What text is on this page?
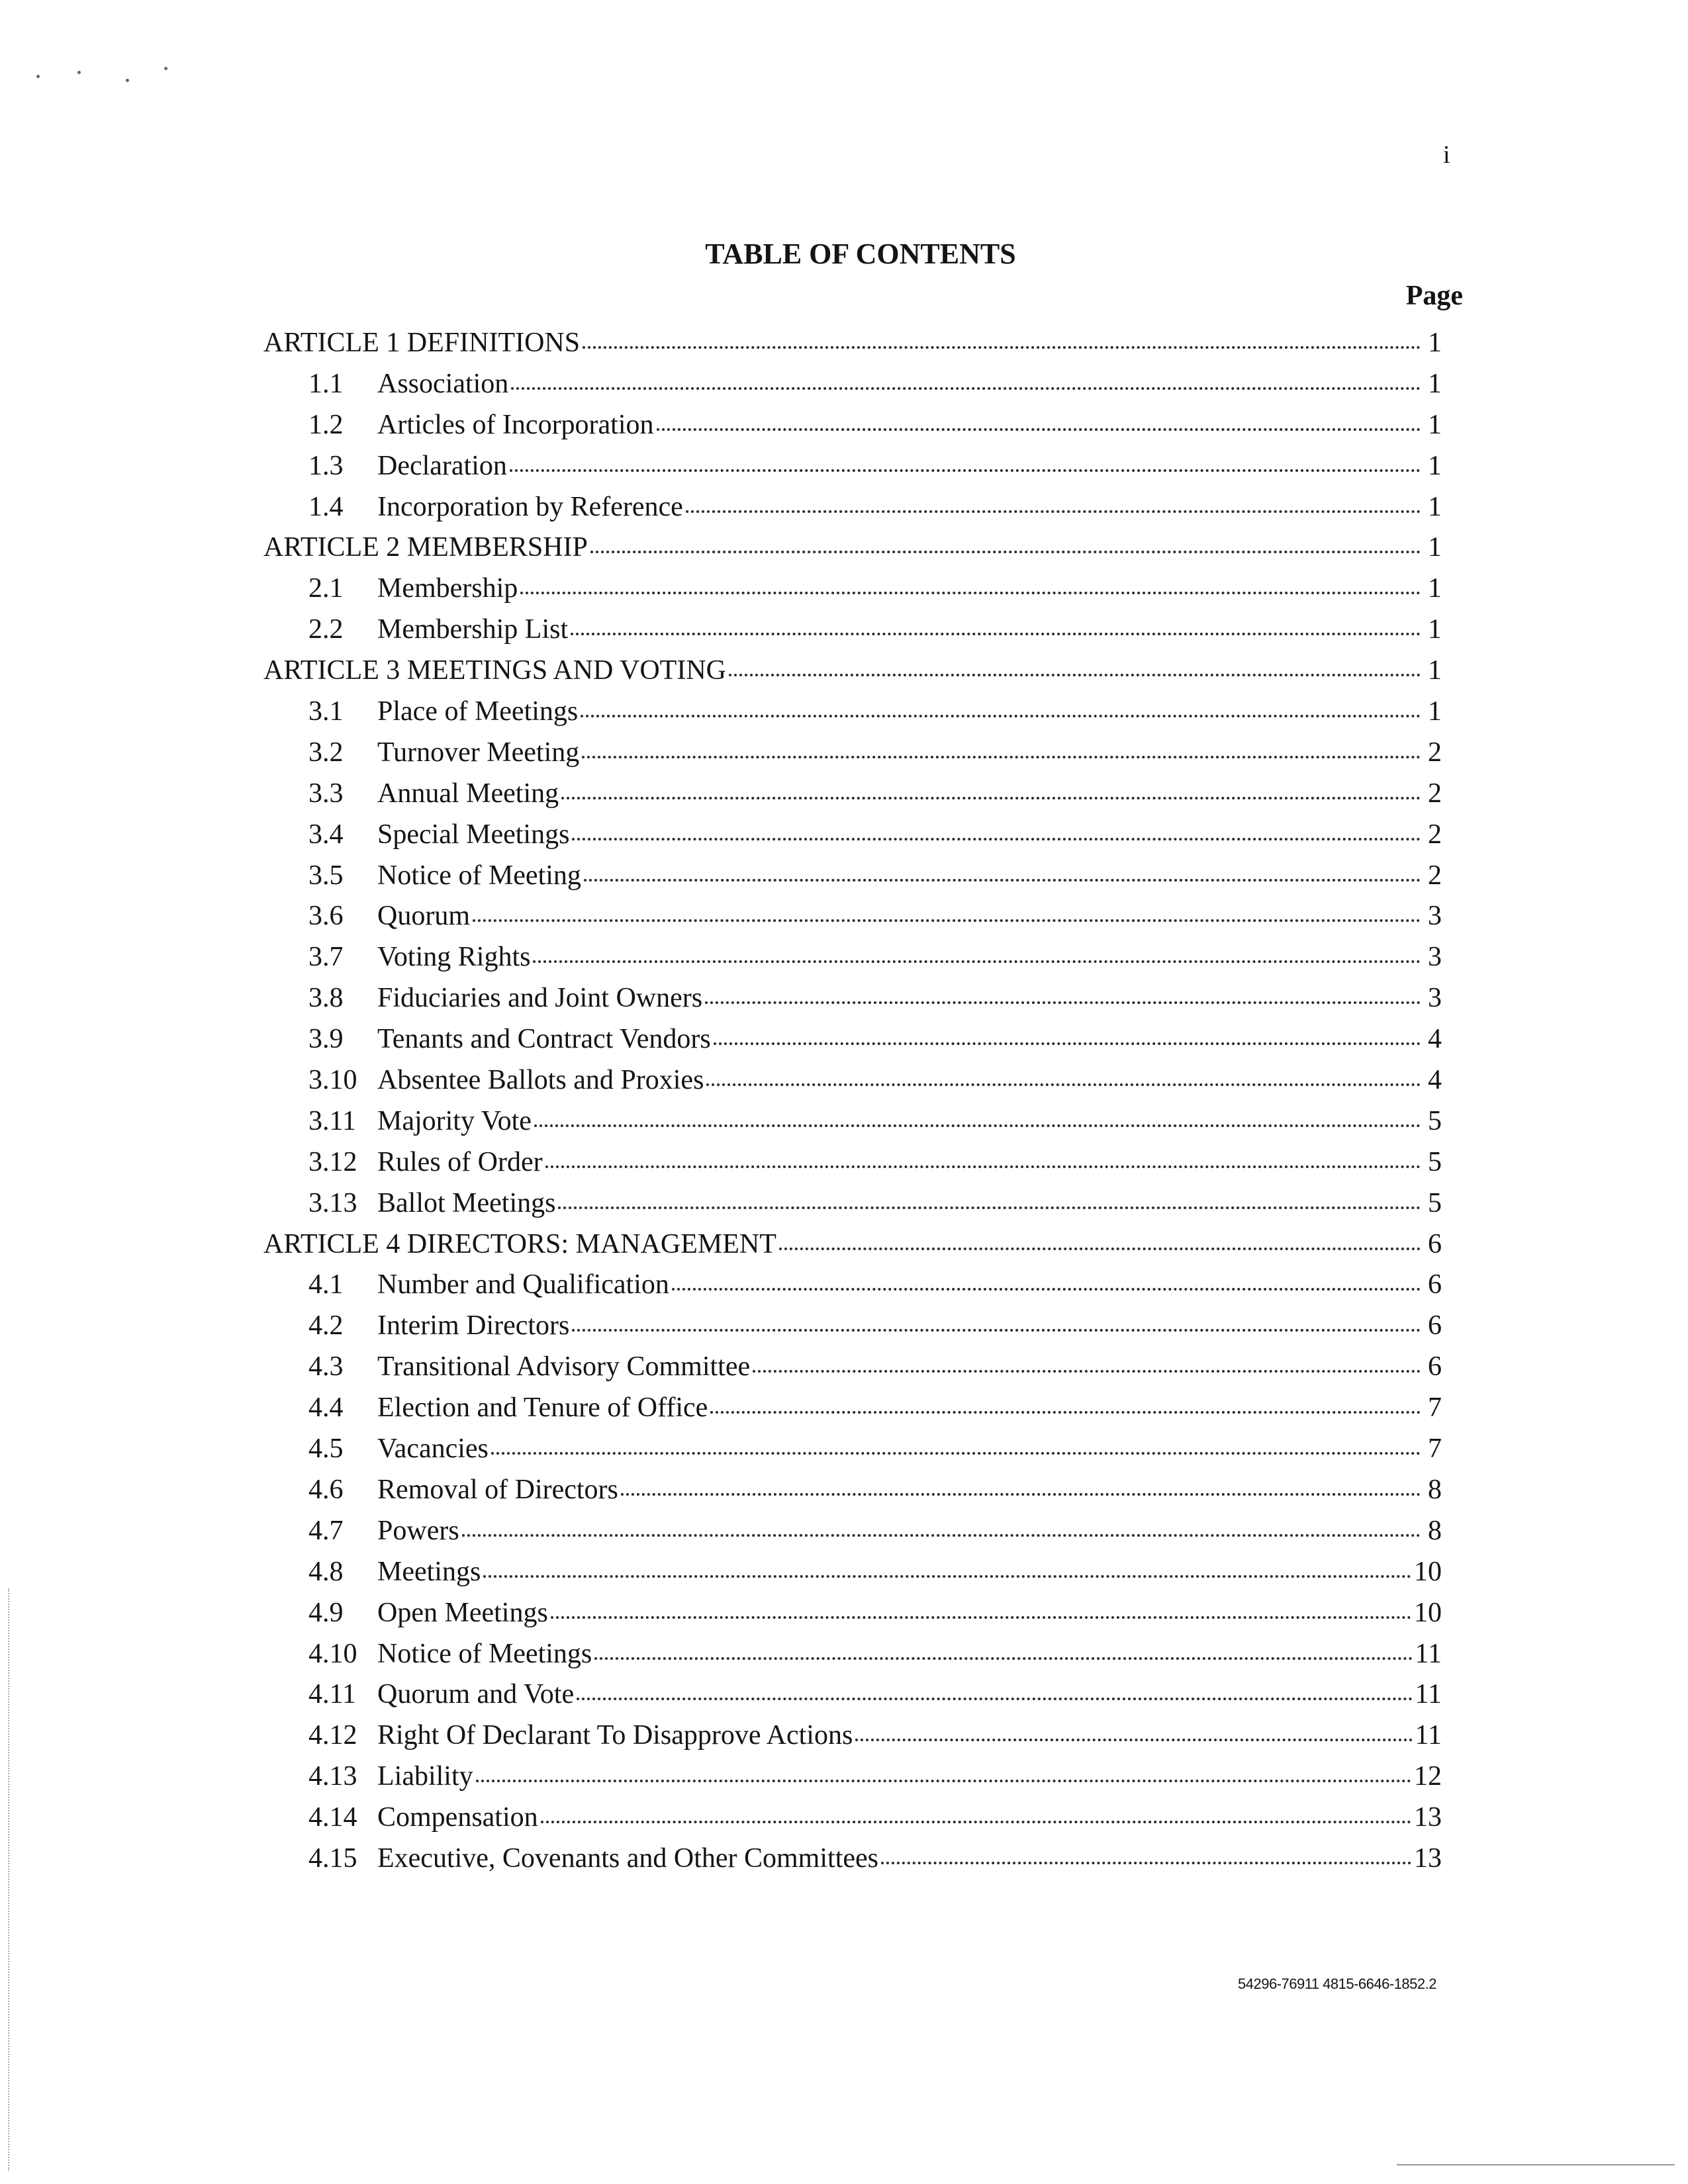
i
TABLE OF CONTENTS
Page
ARTICLE 1 DEFINITIONS	1
1.1	Association	1
1.2	Articles of Incorporation	1
1.3	Declaration	1
1.4	Incorporation by Reference	1
ARTICLE 2 MEMBERSHIP	1
2.1	Membership	1
2.2	Membership List	1
ARTICLE 3 MEETINGS AND VOTING	1
3.1	Place of Meetings	1
3.2	Turnover Meeting	2
3.3	Annual Meeting	2
3.4	Special Meetings	2
3.5	Notice of Meeting	2
3.6	Quorum	3
3.7	Voting Rights	3
3.8	Fiduciaries and Joint Owners	3
3.9	Tenants and Contract Vendors	4
3.10 Absentee Ballots and Proxies	4
3.11 Majority Vote	5
3.12 Rules of Order	5
3.13 Ballot Meetings	5
ARTICLE 4 DIRECTORS: MANAGEMENT	6
4.1	Number and Qualification	6
4.2	Interim Directors	6
4.3	Transitional Advisory Committee	6
4.4	Election and Tenure of Office	7
4.5	Vacancies	7
4.6	Removal of Directors	8
4.7	Powers	8
4.8	Meetings	10
4.9	Open Meetings	10
4.10 Notice of Meetings	11
4.11 Quorum and Vote	11
4.12 Right Of Declarant To Disapprove Actions	11
4.13 Liability	12
4.14 Compensation	13
4.15 Executive, Covenants and Other Committees	13
54296-76911 4815-6646-1852.2
